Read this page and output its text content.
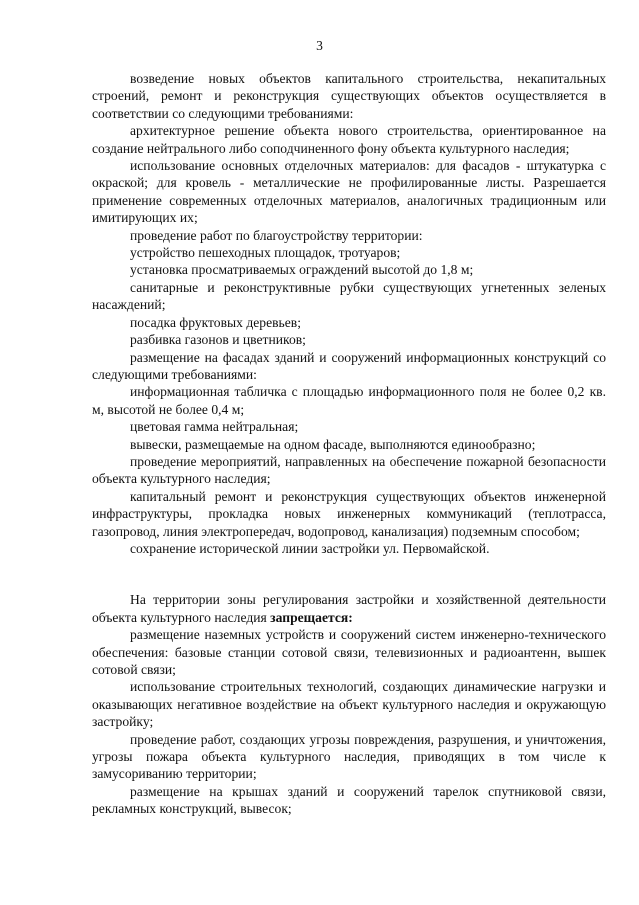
3

возведение новых объектов капитального строительства, некапитальных строений, ремонт и реконструкция существующих объектов осуществляется в соответствии со следующими требованиями:

архитектурное решение объекта нового строительства, ориентированное на создание нейтрального либо соподчиненного фону объекта культурного наследия;

использование основных отделочных материалов: для фасадов - штукатурка с окраской; для кровель - металлические не профилированные листы. Разрешается применение современных отделочных материалов, аналогичных традиционным или имитирующих их;

проведение работ по благоустройству территории:

устройство пешеходных площадок, тротуаров;

установка просматриваемых ограждений высотой до 1,8 м;

санитарные и реконструктивные рубки существующих угнетенных зеленых насаждений;

посадка фруктовых деревьев;

разбивка газонов и цветников;

размещение на фасадах зданий и сооружений информационных конструкций со следующими требованиями:

информационная табличка с площадью информационного поля не более 0,2 кв. м, высотой не более 0,4 м;

цветовая гамма нейтральная;

вывески, размещаемые на одном фасаде, выполняются единообразно;

проведение мероприятий, направленных на обеспечение пожарной безопасности объекта культурного наследия;

капитальный ремонт и реконструкция существующих объектов инженерной инфраструктуры, прокладка новых инженерных коммуникаций (теплотрасса, газопровод, линия электропередач, водопровод, канализация) подземным способом;

сохранение исторической линии застройки ул. Первомайской.

На территории зоны регулирования застройки и хозяйственной деятельности объекта культурного наследия запрещается:

размещение наземных устройств и сооружений систем инженерно-технического обеспечения: базовые станции сотовой связи, телевизионных и радиоантенн, вышек сотовой связи;

использование строительных технологий, создающих динамические нагрузки и оказывающих негативное воздействие на объект культурного наследия и окружающую застройку;

проведение работ, создающих угрозы повреждения, разрушения, и уничтожения, угрозы пожара объекта культурного наследия, приводящих в том числе к замусориванию территории;

размещение на крышах зданий и сооружений тарелок спутниковой связи, рекламных конструкций, вывесок;
